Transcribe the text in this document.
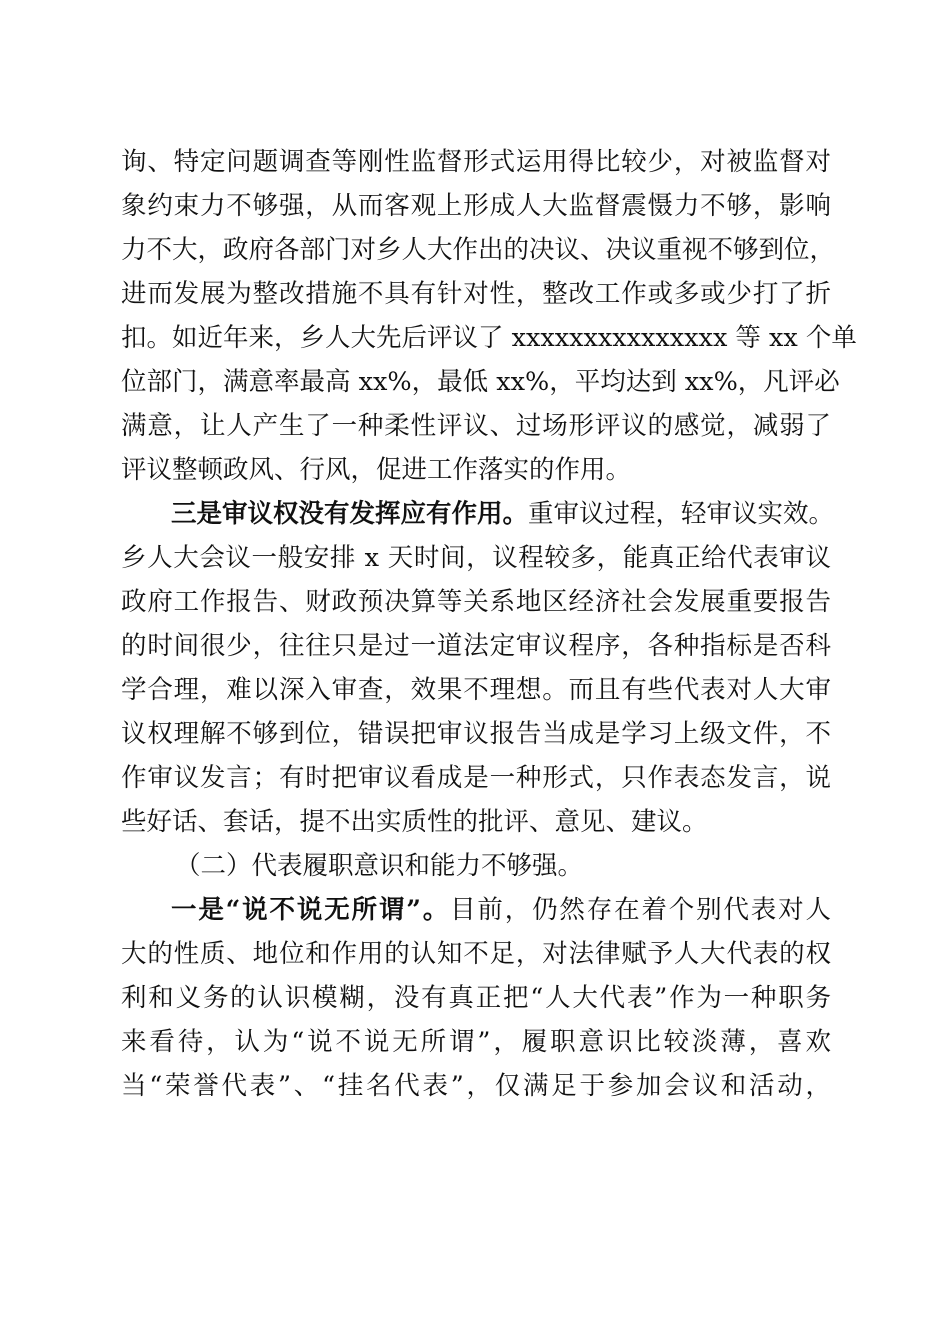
询、特定问题调查等刚性监督形式运用得比较少，对被监督对
象约束力不够强，从而客观上形成人大监督震慑力不够，影响
力不大，政府各部门对乡人大作出的决议、决议重视不够到位，
进而发展为整改措施不具有针对性，整改工作或多或少打了折
扣。如近年来，乡人大先后评议了 xxxxxxxxxxxxxxx 等 xx 个单
位部门，满意率最高 xx%，最低 xx%，平均达到 xx%，凡评必
满意，让人产生了一种柔性评议、过场形评议的感觉，减弱了
评议整顿政风、行风，促进工作落实的作用。
三是审议权没有发挥应有作用。重审议过程，轻审议实效。
乡人大会议一般安排 x 天时间，议程较多，能真正给代表审议
政府工作报告、财政预决算等关系地区经济社会发展重要报告
的时间很少，往往只是过一道法定审议程序，各种指标是否科
学合理，难以深入审查，效果不理想。而且有些代表对人大审
议权理解不够到位，错误把审议报告当成是学习上级文件，不
作审议发言；有时把审议看成是一种形式，只作表态发言，说
些好话、套话，提不出实质性的批评、意见、建议。
（二）代表履职意识和能力不够强。
一是“说不说无所谓”。目前，仍然存在着个别代表对人
大的性质、地位和作用的认知不足，对法律赋予人大代表的权
利和义务的认识模糊，没有真正把“人大代表”作为一种职务
来看待，认为“说不说无所谓”，履职意识比较淡薄，喜欢
当“荣誉代表”、“挂名代表”，仅满足于参加会议和活动，
